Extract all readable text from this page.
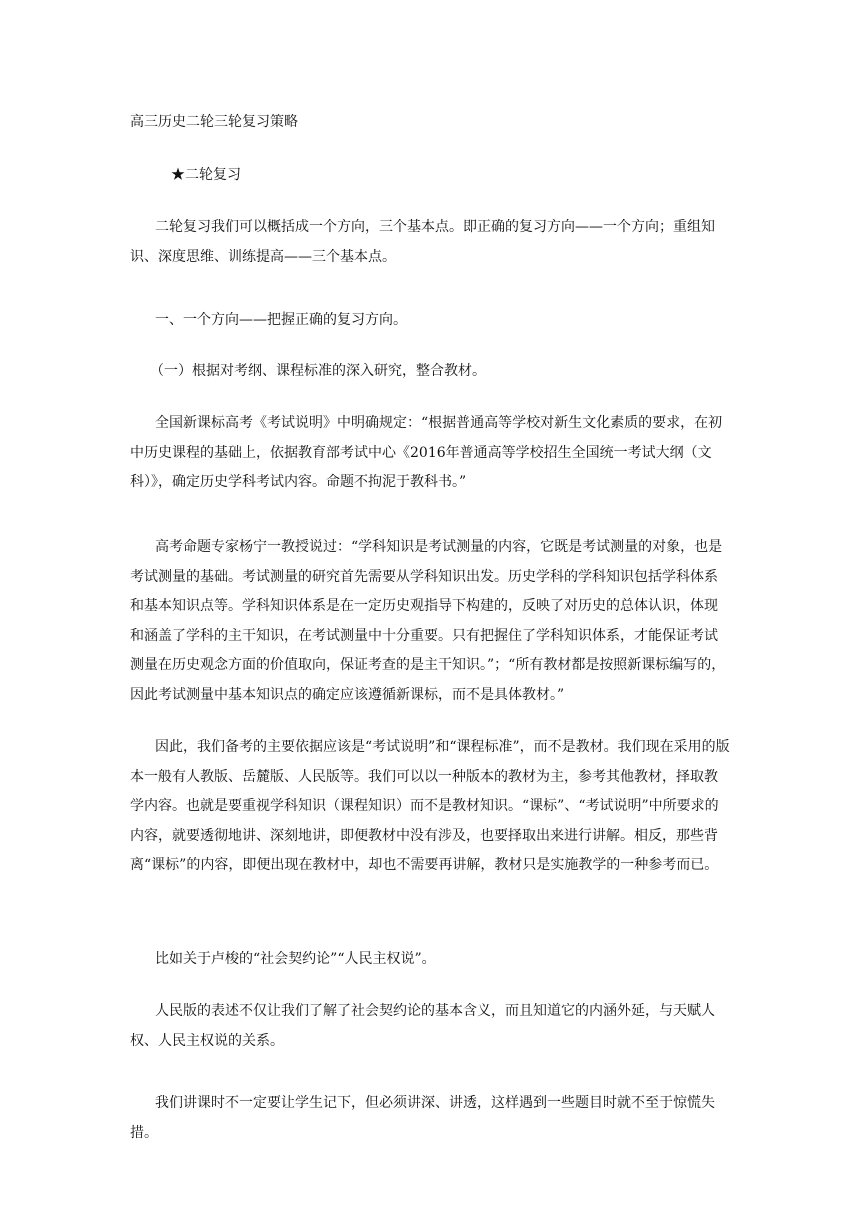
高三历史二轮三轮复习策略

★二轮复习

二轮复习我们可以概括成一个方向，三个基本点。即正确的复习方向——一个方向；重组知识、深度思维、训练提高——三个基本点。

一、一个方向——把握正确的复习方向。

（一）根据对考纲、课程标准的深入研究，整合教材。

全国新课标高考《考试说明》中明确规定：“根据普通高等学校对新生文化素质的要求，在初中历史课程的基础上，依据教育部考试中心《2016年普通高等学校招生全国统一考试大纲（文科）》，确定历史学科考试内容。命题不拘泥于教科书。”

高考命题专家杨宁一教授说过：“学科知识是考试测量的内容，它既是考试测量的对象，也是考试测量的基础。考试测量的研究首先需要从学科知识出发。历史学科的学科知识包括学科体系和基本知识点等。学科知识体系是在一定历史观指导下构建的，反映了对历史的总体认识，体现和涵盖了学科的主干知识，在考试测量中十分重要。只有把握住了学科知识体系，才能保证考试测量在历史观念方面的价值取向，保证考查的是主干知识。”；“所有教材都是按照新课标编写的，因此考试测量中基本知识点的确定应该遵循新课标，而不是具体教材。”

因此，我们备考的主要依据应该是“考试说明”和“课程标准”，而不是教材。我们现在采用的版本一般有人教版、岳麓版、人民版等。我们可以以一种版本的教材为主，参考其他教材，择取教学内容。也就是要重视学科知识（课程知识）而不是教材知识。“课标”、“考试说明”中所要求的内容，就要透彻地讲、深刻地讲，即便教材中没有涉及，也要择取出来进行讲解。相反，那些背离“课标”的内容，即便出现在教材中，却也不需要再讲解，教材只是实施教学的一种参考而已。

比如关于卢梭的“社会契约论”“人民主权说”。

人民版的表述不仅让我们了解了社会契约论的基本含义，而且知道它的内涵外延，与天赋人权、人民主权说的关系。

我们讲课时不一定要让学生记下，但必须讲深、讲透，这样遇到一些题目时就不至于惊慌失措。
